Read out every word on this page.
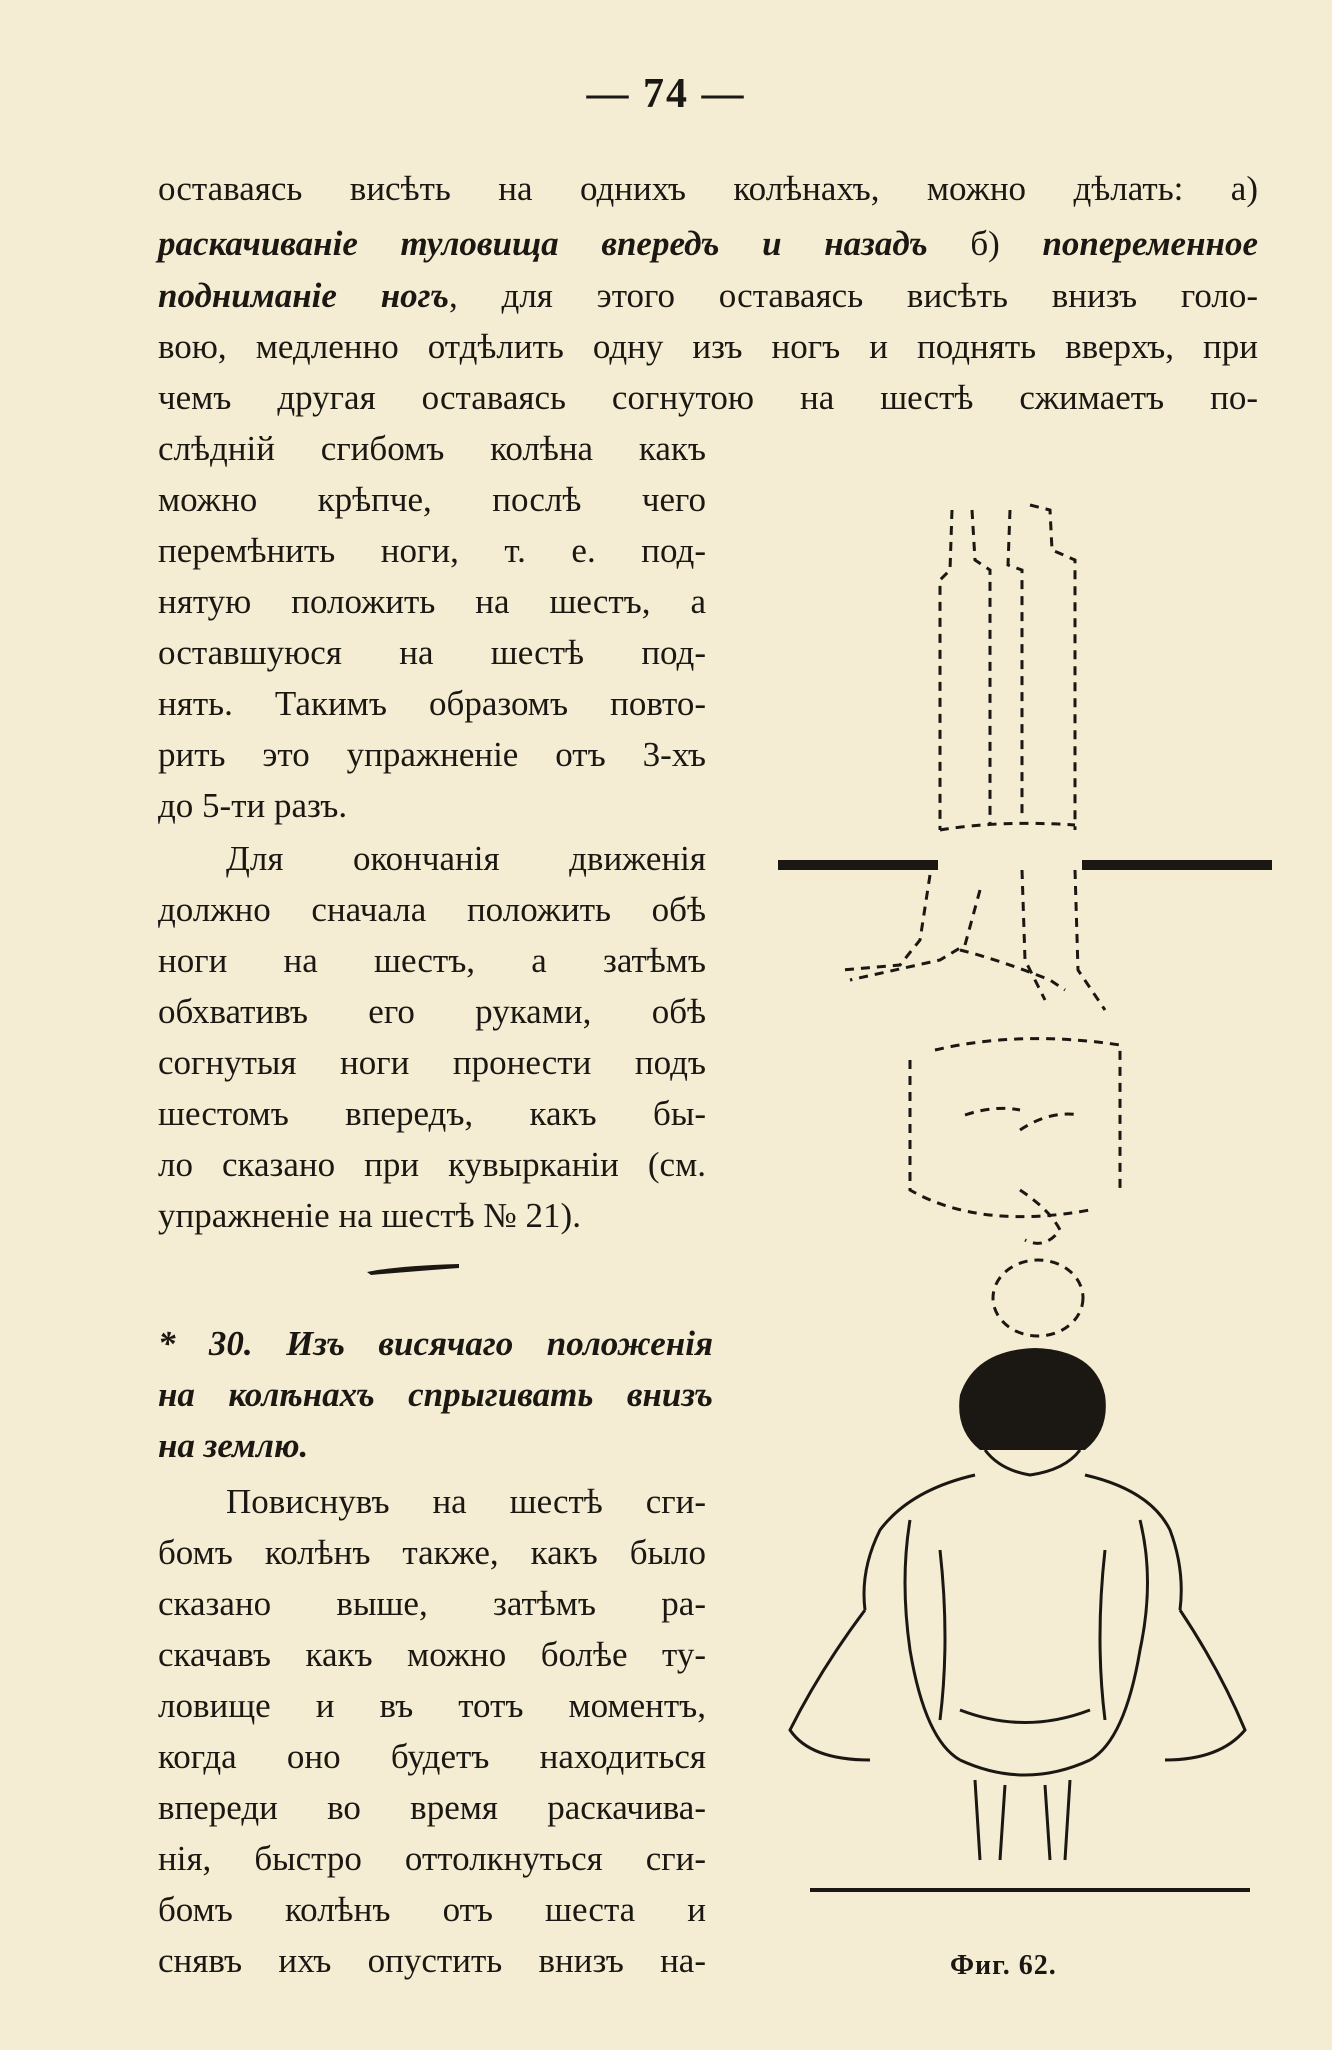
— 74 —
оставаясь висѣть на однихъ колѣнахъ, можно дѣлать: a)
раскачиванiе туловища впередъ и назадъ б) попеременное
подниманiе ногъ, для этого оставаясь висѣть внизъ голо-
вою, медленно отдѣлить одну изъ ногъ и поднять вверхъ, при
чемъ другая оставаясь согнутою на шестѣ сжимаетъ по-
слѣднiй сгибомъ колѣна какъ
можно крѣпче, послѣ чего
перемѣнить ноги, т. е. под-
нятую положить на шестъ, а
оставшуюся на шестѣ под-
нять. Такимъ образомъ повто-
рить это упражненiе отъ 3-хъ
до 5-ти разъ.
Для окончанiя движенiя
должно сначала положить обѣ
ноги на шестъ, а затѣмъ
обхвативъ его руками, обѣ
согнутыя ноги пронести подъ
шестомъ впередъ, какъ бы-
ло сказано при кувырканiи (см.
упражненiе на шестѣ № 21).
* 30. Изъ висячаго положенiя
на колѣнахъ спрыгивать внизъ
на землю.
Повиснувъ на шестѣ сги-
бомъ колѣнъ также, какъ было
сказано выше, затѣмъ ра-
скачавъ какъ можно болѣе ту-
ловище и въ тотъ моментъ,
когда оно будетъ находиться
впереди во время раскачива-
нiя, быстро оттолкнуться сги-
бомъ колѣнъ отъ шеста и
снявъ ихъ опустить внизъ на-	Фиг. 62.
